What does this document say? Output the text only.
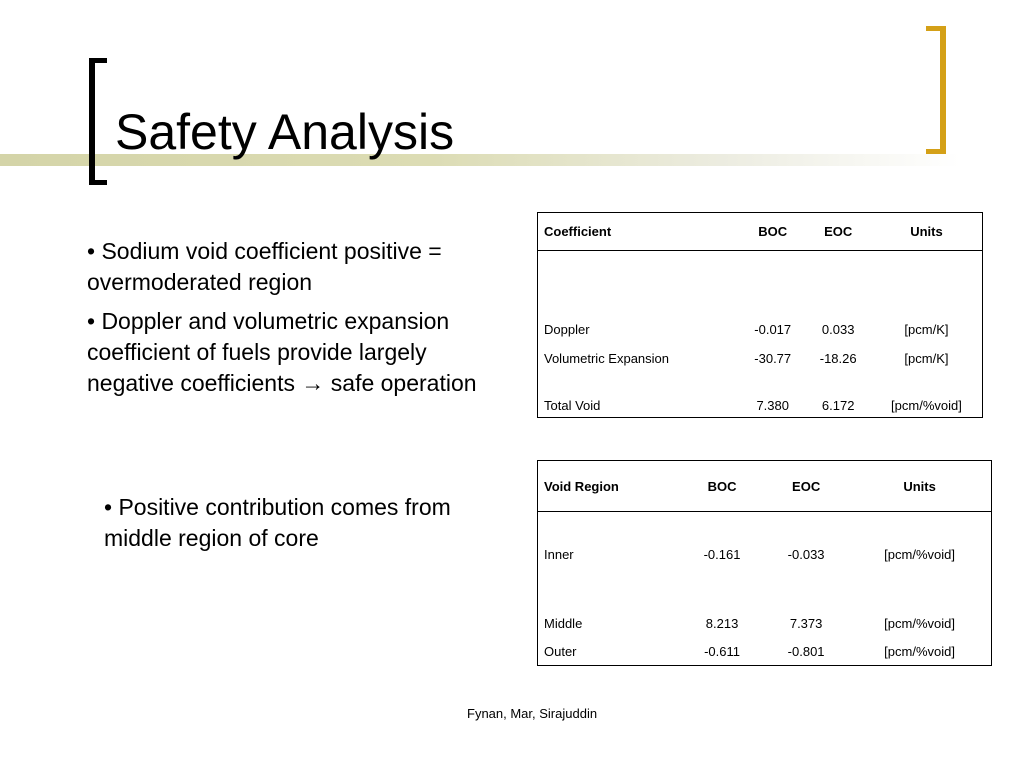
Safety Analysis

• Sodium void coefficient positive = overmoderated region

• Doppler and volumetric expansion coefficient of fuels provide largely negative coefficients → safe operation

• Positive contribution comes from middle region of core

Coefficient	BOC	EOC	Units

Doppler	-0.017	0.033	[pcm/K]
Volumetric Expansion	-30.77	-18.26	[pcm/K]
Total Void	7.380	6.172	[pcm/%void]
Void Region	BOC	EOC	Units
Inner	-0.161	-0.033	[pcm/%void]
Middle	8.213	7.373	[pcm/%void]
Outer	-0.611	-0.801	[pcm/%void]
Fynan, Mar, Sirajuddin
